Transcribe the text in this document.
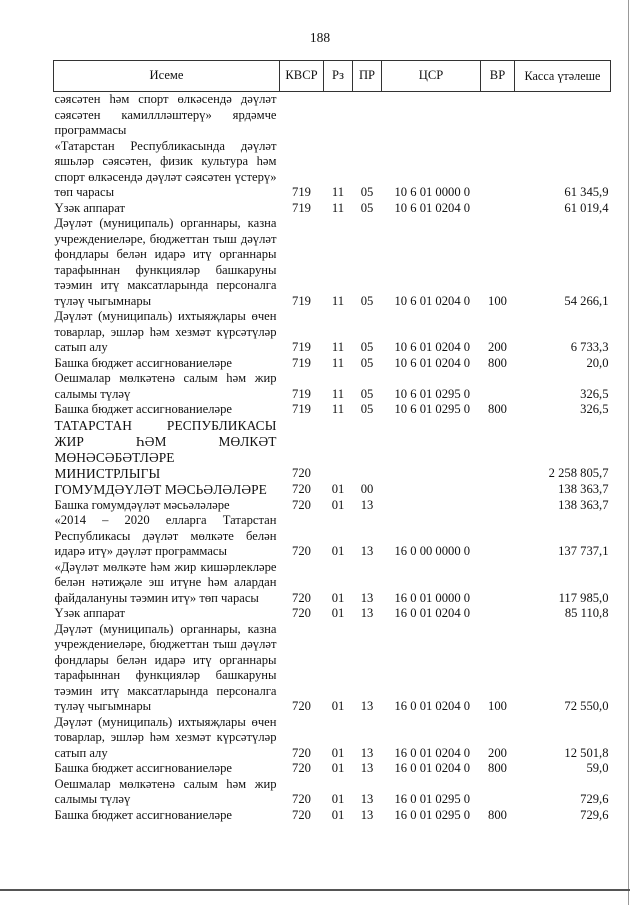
188
Исеме	КВСР	Рз	ПР	ЦСР	ВР	Касса үтәлеше
сәясәтен һәм спорт өлкәсендә дәүләт сәясәтен камиллләштерү» ярдәмче программасы						
«Татарстан Республикасында дәүләт яшьләр сәясәтен, физик культура һәм спорт өлкәсендә дәүләт сәясәтен үстерү» төп чарасы	719	11	05	10 6 01 0000 0		61 345,9
Үзәк аппарат	719	11	05	10 6 01 0204 0		61 019,4
Дәүләт (муниципаль) органнары, казна учреждениеләре, бюджеттан тыш дәүләт фондлары белән идарә итү органнары тарафыннан функцияләр башкаруны тәэмин итү максатларында персоналга түләү чыгымнары	719	11	05	10 6 01 0204 0	100	54 266,1
Дәүләт (муниципаль) ихтыяҗлары өчен товарлар, эшләр һәм хезмәт күрсәтүләр сатып алу	719	11	05	10 6 01 0204 0	200	6 733,3
Башка бюджет ассигнованиеләре	719	11	05	10 6 01 0204 0	800	20,0
Оешмалар мөлкәтенә салым һәм жир салымы түләү	719	11	05	10 6 01 0295 0		326,5
Башка бюджет ассигнованиеләре	719	11	05	10 6 01 0295 0	800	326,5
ТАТАРСТАН РЕСПУБЛИКАСЫ ЖИР ҺӘМ МӨЛКӘТ МӨНӘСӘБӘТЛӘРЕ МИНИСТРЛЫГЫ	720					2 258 805,7
ГОМУМДӘҮЛӘТ МӘСЬӘЛӘЛӘРЕ	720	01	00			138 363,7
Башка гомумдәүләт мәсьәләләре	720	01	13			138 363,7
«2014 – 2020 елларга Татарстан Республикасы дәүләт мөлкәте белән идарә итү» дәүләт программасы	720	01	13	16 0 00 0000 0		137 737,1
«Дәүләт мөлкәте һәм жир кишәрлекләре белән нәтиҗәле эш итүне һәм алардан файдалануны тәэмин итү» төп чарасы	720	01	13	16 0 01 0000 0		117 985,0
Үзәк аппарат	720	01	13	16 0 01 0204 0		85 110,8
Дәүләт (муниципаль) органнары, казна учреждениеләре, бюджеттан тыш дәүләт фондлары белән идарә итү органнары тарафыннан функцияләр башкаруны тәэмин итү максатларында персоналга түләү чыгымнары	720	01	13	16 0 01 0204 0	100	72 550,0
Дәүләт (муниципаль) ихтыяҗлары өчен товарлар, эшләр һәм хезмәт күрсәтүләр сатып алу	720	01	13	16 0 01 0204 0	200	12 501,8
Башка бюджет ассигнованиеләре	720	01	13	16 0 01 0204 0	800	59,0
Оешмалар мөлкәтенә салым һәм жир салымы түләү	720	01	13	16 0 01 0295 0		729,6
Башка бюджет ассигнованиеләре	720	01	13	16 0 01 0295 0	800	729,6
